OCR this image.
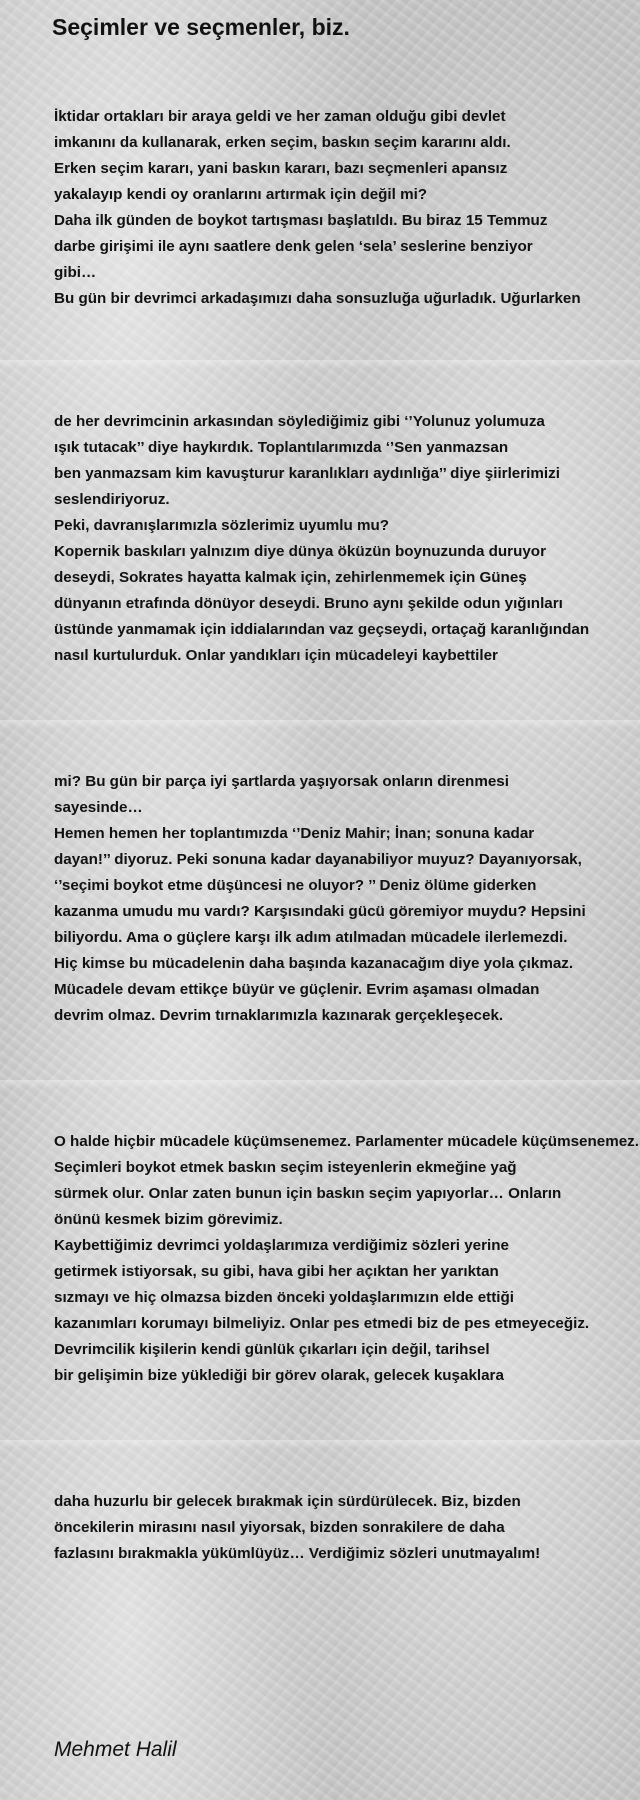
Seçimler ve seçmenler, biz.
İktidar ortakları bir araya geldi ve her zaman olduğu gibi devlet
imkanını da kullanarak, erken seçim, baskın seçim kararını aldı.
Erken seçim kararı, yani baskın kararı, bazı seçmenleri apansız
yakalayıp kendi oy oranlarını artırmak için değil mi?
Daha ilk günden de boykot tartışması başlatıldı. Bu biraz 15 Temmuz
darbe girişimi ile aynı saatlere denk gelen ‘sela’ seslerine benziyor
gibi…
Bu gün bir devrimci arkadaşımızı daha sonsuzluğa uğurladık. Uğurlarken
de her devrimcinin arkasından söylediğimiz gibi ‘’Yolunuz yolumuza
ışık tutacak’’ diye haykırdık. Toplantılarımızda ‘’Sen yanmazsan
ben yanmazsam kim kavuşturur karanlıkları aydınlığa’’ diye şiirlerimizi
seslendiriyoruz.
Peki, davranışlarımızla sözlerimiz uyumlu mu?
Kopernik baskıları yalnızım diye dünya öküzün boynuzunda duruyor
deseydi, Sokrates hayatta kalmak için, zehirlenmemek için Güneş
dünyanın etrafında dönüyor deseydi. Bruno aynı şekilde odun yığınları
üstünde yanmamak için iddialarından vaz geçseydi, ortaçağ karanlığından
nasıl kurtulurduk. Onlar yandıkları için mücadeleyi kaybettiler
mi? Bu gün bir parça iyi şartlarda yaşıyorsak onların direnmesi
sayesinde…
Hemen hemen her toplantımızda ‘’Deniz Mahir; İnan; sonuna kadar
dayan!’’ diyoruz. Peki sonuna kadar dayanabiliyor muyuz? Dayanıyorsak,
‘’seçimi boykot etme düşüncesi ne oluyor? ’’ Deniz ölüme giderken
kazanma umudu mu vardı? Karşısındaki gücü göremiyor muydu? Hepsini
biliyordu. Ama o güçlere karşı ilk adım atılmadan mücadele ilerlemezdi.
Hiç kimse bu mücadelenin daha başında kazanacağım diye yola çıkmaz.
Mücadele devam ettikçe büyür ve güçlenir. Evrim aşaması olmadan
devrim olmaz. Devrim tırnaklarımızla kazınarak gerçekleşecek.
O halde hiçbir mücadele küçümsenemez. Parlamenter mücadele küçümsenemez.
Seçimleri boykot etmek baskın seçim isteyenlerin ekmeğine yağ
sürmek olur. Onlar zaten bunun için baskın seçim yapıyorlar… Onların
önünü kesmek bizim görevimiz.
Kaybettiğimiz devrimci yoldaşlarımıza verdiğimiz sözleri yerine
getirmek istiyorsak, su gibi, hava gibi her açıktan her yarıktan
sızmayı ve hiç olmazsa bizden önceki yoldaşlarımızın elde ettiği
kazanımları korumayı bilmeliyiz. Onlar pes etmedi biz de pes etmeyeceğiz.
Devrimcilik kişilerin kendi günlük çıkarları için değil, tarihsel
bir gelişimin bize yüklediği bir görev olarak, gelecek kuşaklara
daha huzurlu bir gelecek bırakmak için sürdürülecek. Biz, bizden
öncekilerin mirasını nasıl yiyorsak, bizden sonrakilere de daha
fazlasını bırakmakla yükümlüyüz… Verdiğimiz sözleri unutmayalım!
Mehmet Halil
